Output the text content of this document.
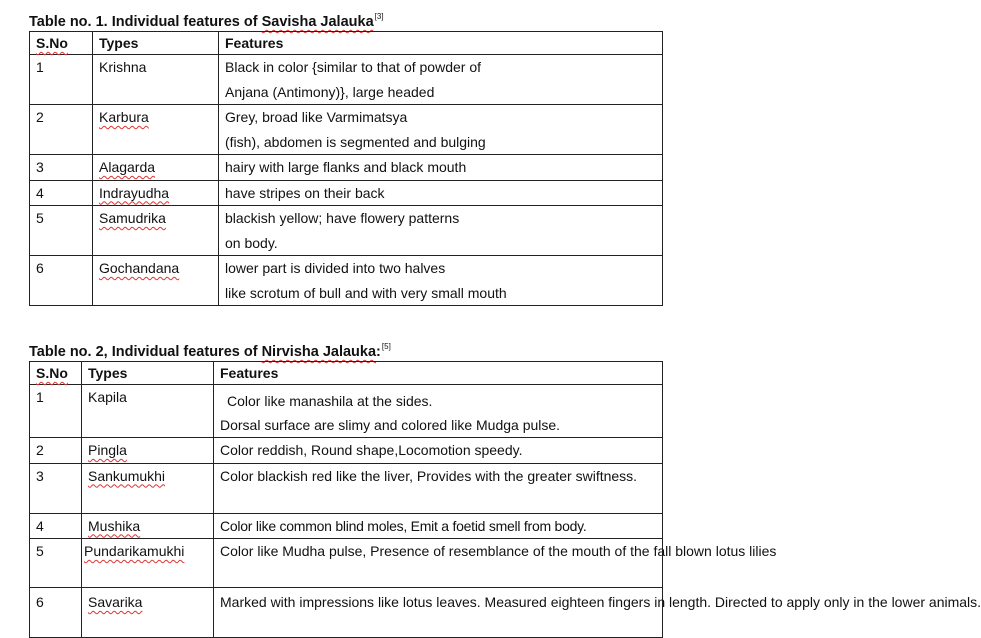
Table no. 1. Individual features of Savisha Jalauka[3]
S.No	Types	Features
1	Krishna	Black in color {similar to that of powder of
Anjana (Antimony)}, large headed

2	Karbura	Grey, broad like Varmimatsya
(fish), abdomen is segmented and bulging

3	Alagarda	hairy with large flanks and black mouth
4	Indrayudha	have stripes on their back
5	Samudrika	blackish yellow; have flowery patterns
on body.

6	Gochandana	lower part is divided into two halves
like scrotum of bull and with very small mouth
Table no. 2, Individual features of Nirvisha Jalauka:[5]
S.No	Types	Features
1	Kapila	Color like manashila at the sides.
Dorsal surface are slimy and colored like Mudga pulse.

2	Pingla	Color reddish, Round shape,Locomotion speedy.
3	Sankumukhi	Color blackish red like the liver, Provides with the greater swiftness.
4	Mushika	Color like common blind moles, Emit a foetid smell from body.
5	Pundarikamukhi	Color like Mudha pulse, Presence of resemblance of the mouth of the fall blown lotus lilies
6	Savarika	Marked with impressions like lotus leaves. Measured eighteen fingers in length. Directed to apply only in the lower animals.
